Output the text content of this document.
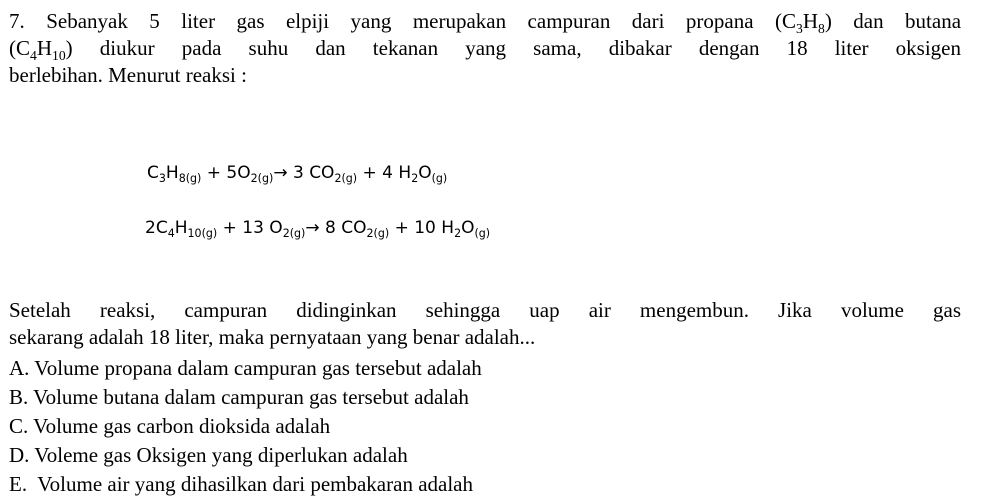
7. Sebanyak 5 liter gas elpiji yang merupakan campuran dari propana $(C_3H_8)$ dan butana
$(C_4H_{10})$ diukur pada suhu dan tekanan yang sama, dibakar dengan 18 liter oksigen
berlebihan. Menurut reaksi :
$C_3H_{8(g)} + 5O_{2(g)}\to 3$ $CO_{2(g)} + 4$ $H_2O_{(g)}$
$2C_4H_{10(g)} + 13$ $O_{2(g)}\to 8$ $CO_{2(g)} + 10$ $H_2O_{(g)}$
Setelah reaksi, campuran didinginkan sehingga uap air mengembun. Jika volume gas
sekarang adalah 18 liter, maka pernyataan yang benar adalah...
A. Volume propana dalam campuran gas tersebut adalah
B. Volume butana dalam campuran gas tersebut adalah
C. Volume gas carbon dioksida adalah
D. Voleme gas Oksigen yang diperlukan adalah
E.  Volume air yang dihasilkan dari pembakaran adalah
